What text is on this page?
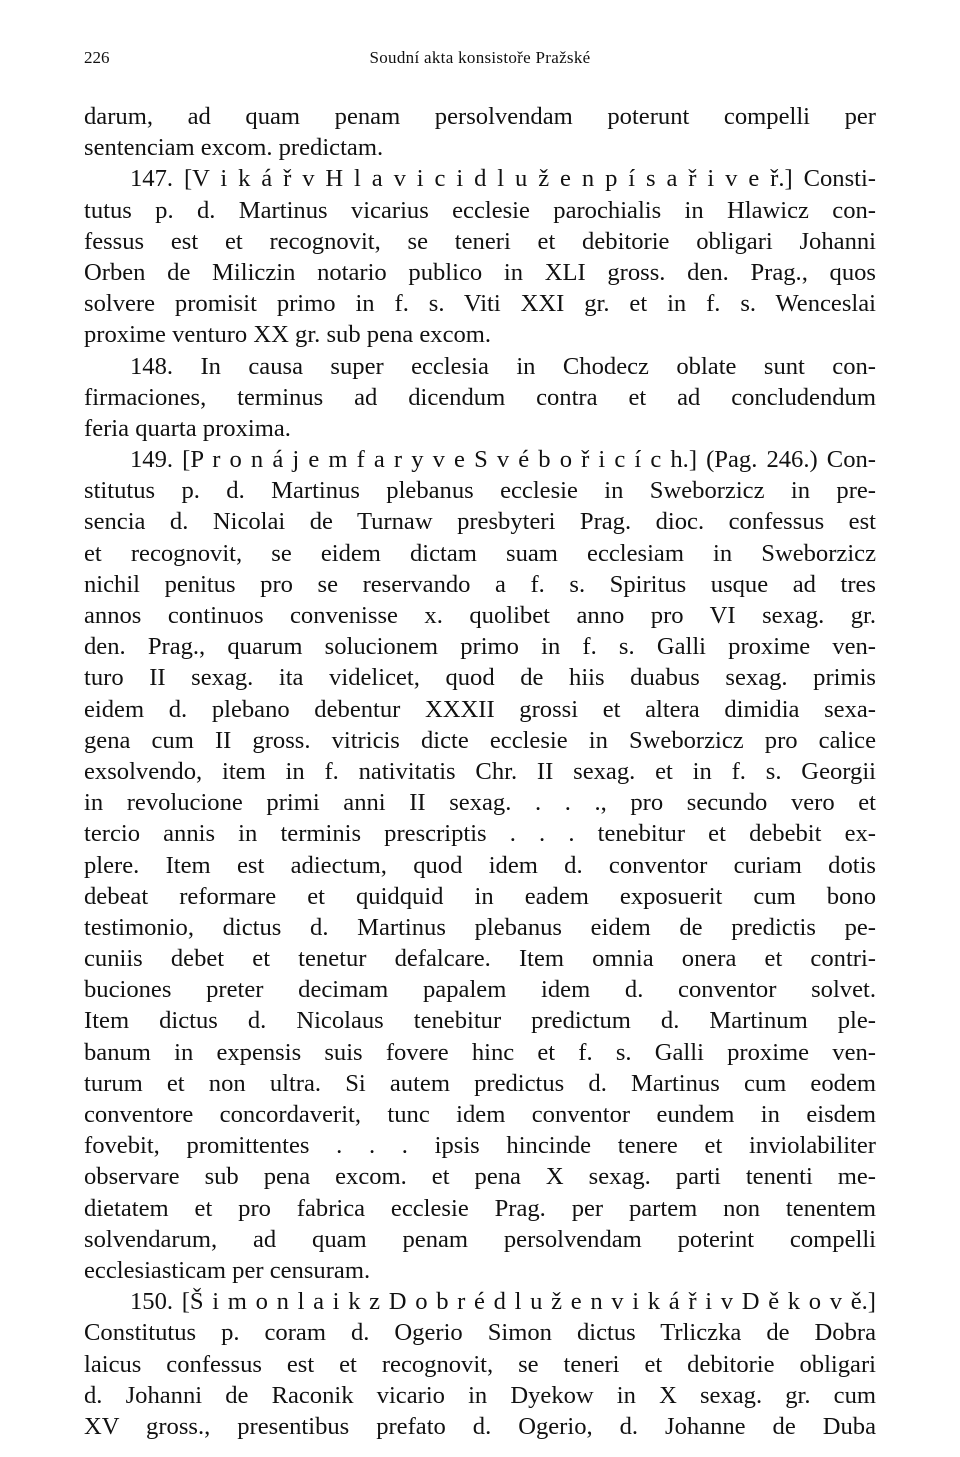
226	Soudní akta konsistoře Pražské
darum, ad quam penam persolvendam poterunt compelli per
sentenciam excom. predictam.
147. [V i k á ř v H l a v i c i d l u ž e n p í s a ř i v e ř.] Consti-
tutus p. d. Martinus vicarius ecclesie parochialis in Hlawicz con-
fessus est et recognovit, se teneri et debitorie obligari Johanni
Orben de Miliczin notario publico in XLI gross. den. Prag., quos
solvere promisit primo in f. s. Viti XXI gr. et in f. s. Wenceslai
proxime venturo XX gr. sub pena excom.
148. In causa super ecclesia in Chodecz oblate sunt con-
firmaciones, terminus ad dicendum contra et ad concludendum
feria quarta proxima.
149. [P r o n á j e m f a r y v e S v é b o ř i c í c h.] (Pag. 246.) Con-
stitutus p. d. Martinus plebanus ecclesie in Sweborzicz in pre-
sencia d. Nicolai de Turnaw presbyteri Prag. dioc. confessus est
et recognovit, se eidem dictam suam ecclesiam in Sweborzicz
nichil penitus pro se reservando a f. s. Spiritus usque ad tres
annos continuos convenisse x. quolibet anno pro VI sexag. gr.
den. Prag., quarum solucionem primo in f. s. Galli proxime ven-
turo II sexag. ita videlicet, quod de hiis duabus sexag. primis
eidem d. plebano debentur XXXII grossi et altera dimidia sexa-
gena cum II gross. vitricis dicte ecclesie in Sweborzicz pro calice
exsolvendo, item in f. nativitatis Chr. II sexag. et in f. s. Georgii
in revolucione primi anni II sexag. . . ., pro secundo vero et
tercio annis in terminis prescriptis . . . tenebitur et debebit ex-
plere. Item est adiectum, quod idem d. conventor curiam dotis
debeat reformare et quidquid in eadem exposuerit cum bono
testimonio, dictus d. Martinus plebanus eidem de predictis pe-
cuniis debet et tenetur defalcare. Item omnia onera et contri-
buciones preter decimam papalem idem d. conventor solvet.
Item dictus d. Nicolaus tenebitur predictum d. Martinum ple-
banum in expensis suis fovere hinc et f. s. Galli proxime ven-
turum et non ultra. Si autem predictus d. Martinus cum eodem
conventore concordaverit, tunc idem conventor eundem in eisdem
fovebit, promittentes . . . ipsis hincinde tenere et inviolabiliter
observare sub pena excom. et pena X sexag. parti tenenti me-
dietatem et pro fabrica ecclesie Prag. per partem non tenentem
solvendarum, ad quam penam persolvendam poterint compelli
ecclesiasticam per censuram.
150. [Š i m o n l a i k z D o b r é d l u ž e n v i k á ř i v D ě k o v ě.]
Constitutus p. coram d. Ogerio Simon dictus Trliczka de Dobra
laicus confessus est et recognovit, se teneri et debitorie obligari
d. Johanni de Raconik vicario in Dyekow in X sexag. gr. cum
XV gross., presentibus prefato d. Ogerio, d. Johanne de Duba
